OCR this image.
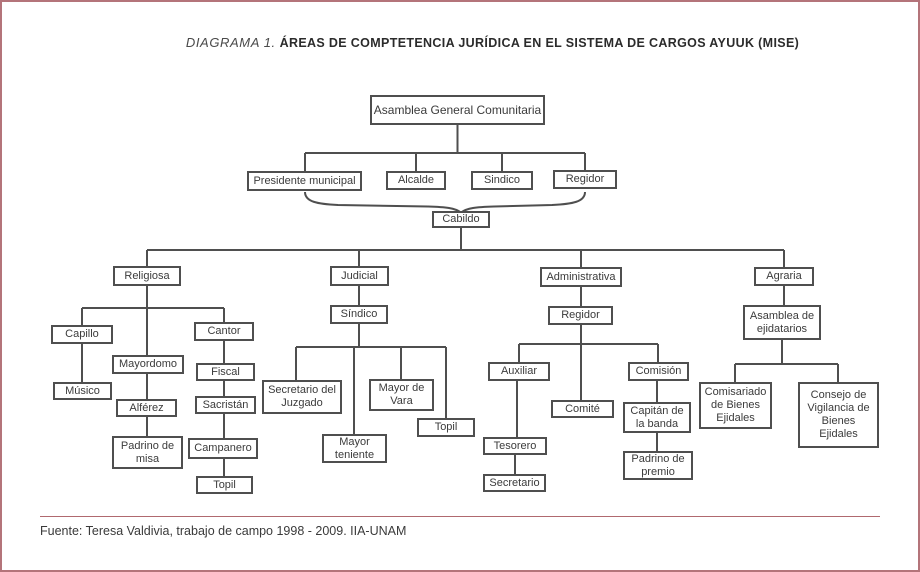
DIAGRAMA 1. ÁREAS DE COMPTETENCIA JURÍDICA EN EL SISTEMA DE CARGOS AYUUK (MISE)
Asamblea General Comunitaria
Presidente municipal	Alcalde	Sindico	Regidor
Cabildo
Religiosa	Judicial	Administrativa	Agraria
Capillo
Mayordomo
Cantor
Músico
Alférez
Fiscal
Sacristán
Padrino de misa
Campanero
Topil
Síndico
Secretario del Juzgado
Mayor de Vara
Mayor teniente
Topil
Regidor
Auxiliar
Comité
Comisión
Tesorero
Capitán de la banda
Secretario
Padrino de premio
Asamblea de ejidatarios
Comisariado de Bienes Ejidales
Consejo de Vigilancia de Bienes Ejidales
Fuente: Teresa Valdivia, trabajo de campo 1998 - 2009. IIA-UNAM
